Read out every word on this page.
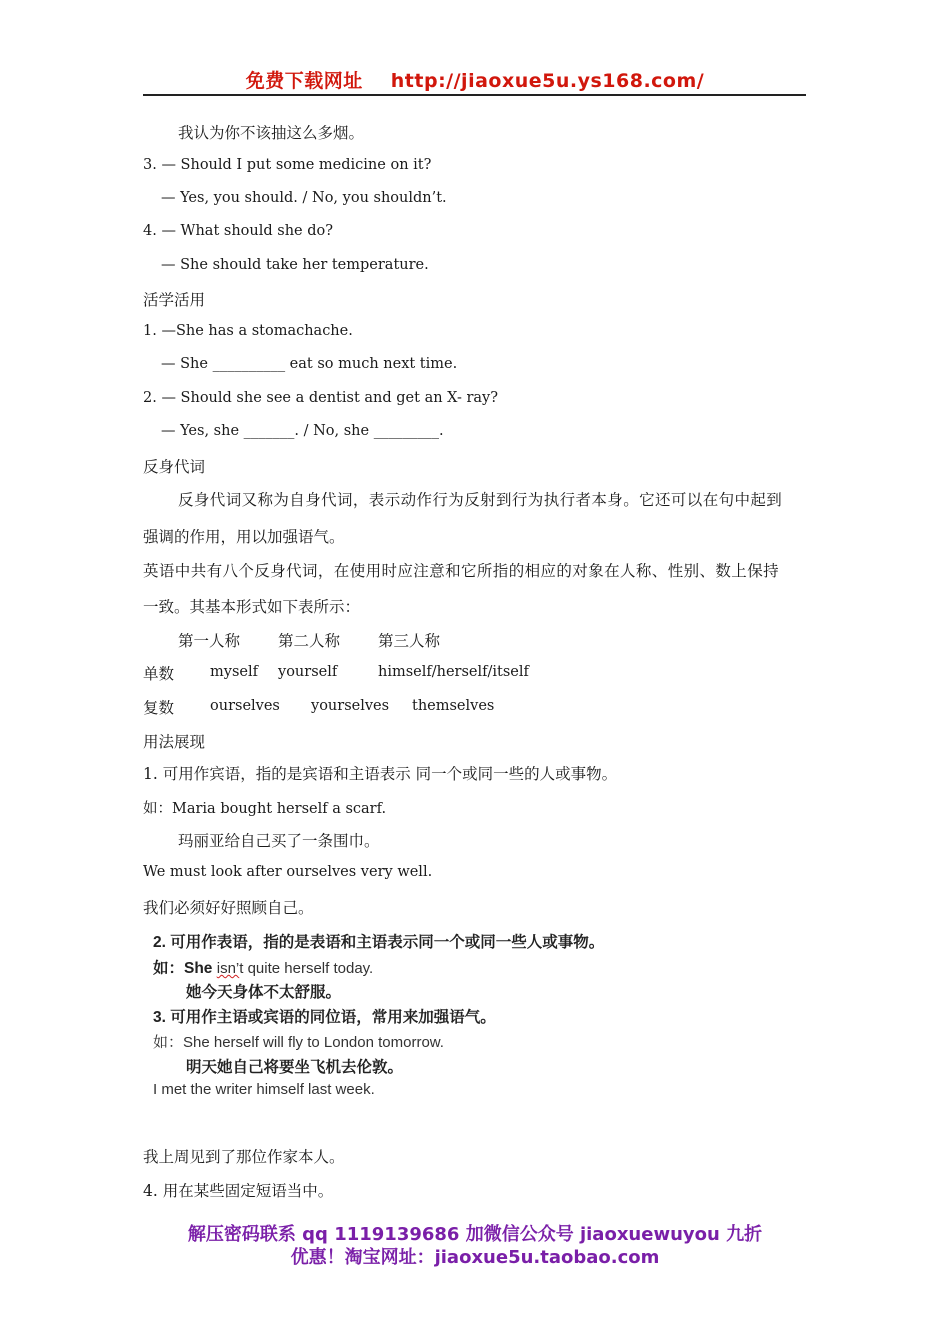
免费下载网址 http://jiaoxue5u.ys168.com/
我认为你不该抽这么多烟。
3. — Should I put some medicine on it?
— Yes, you should. / No, you shouldn’t.
4. — What should she do?
— She should take her temperature.
活学活用
1. —She has a stomachache.
— She __________ eat so much next time.
2. — Should she see a dentist and get an X- ray?
— Yes, she _______. / No, she _________.
反身代词
反身代词又称为自身代词，表示动作行为反射到行为执行者本身。它还可以在句中起到
强调的作用，用以加强语气。
英语中共有八个反身代词，在使用时应注意和它所指的相应的对象在人称、性别、数上保持
一致。其基本形式如下表所示：
第一人称 第二人称 第三人称
单数 myself yourself	himself/herself/itself
复数 ourselves yourselves themselves
用法展现
1. 可用作宾语，指的是宾语和主语表示 同一个或同一些的人或事物。
如：Maria bought herself a scarf.
玛丽亚给自己买了一条围巾。
We must look after ourselves very well.
我们必须好好照顾自己。
2. 可用作表语，指的是表语和主语表示同一个或同一些人或事物。
如：She isn’t quite herself today.
她今天身体不太舒服。
3. 可用作主语或宾语的同位语，常用来加强语气。
如：She herself will fly to London tomorrow.
明天她自己将要坐飞机去伦敦。
I met the writer himself last week.
我上周见到了那位作家本人。
4. 用在某些固定短语当中。
解压密码联系 qq 1119139686 加微信公众号 jiaoxuewuyou 九折
优惠！淘宝网址：jiaoxue5u.taobao.com
